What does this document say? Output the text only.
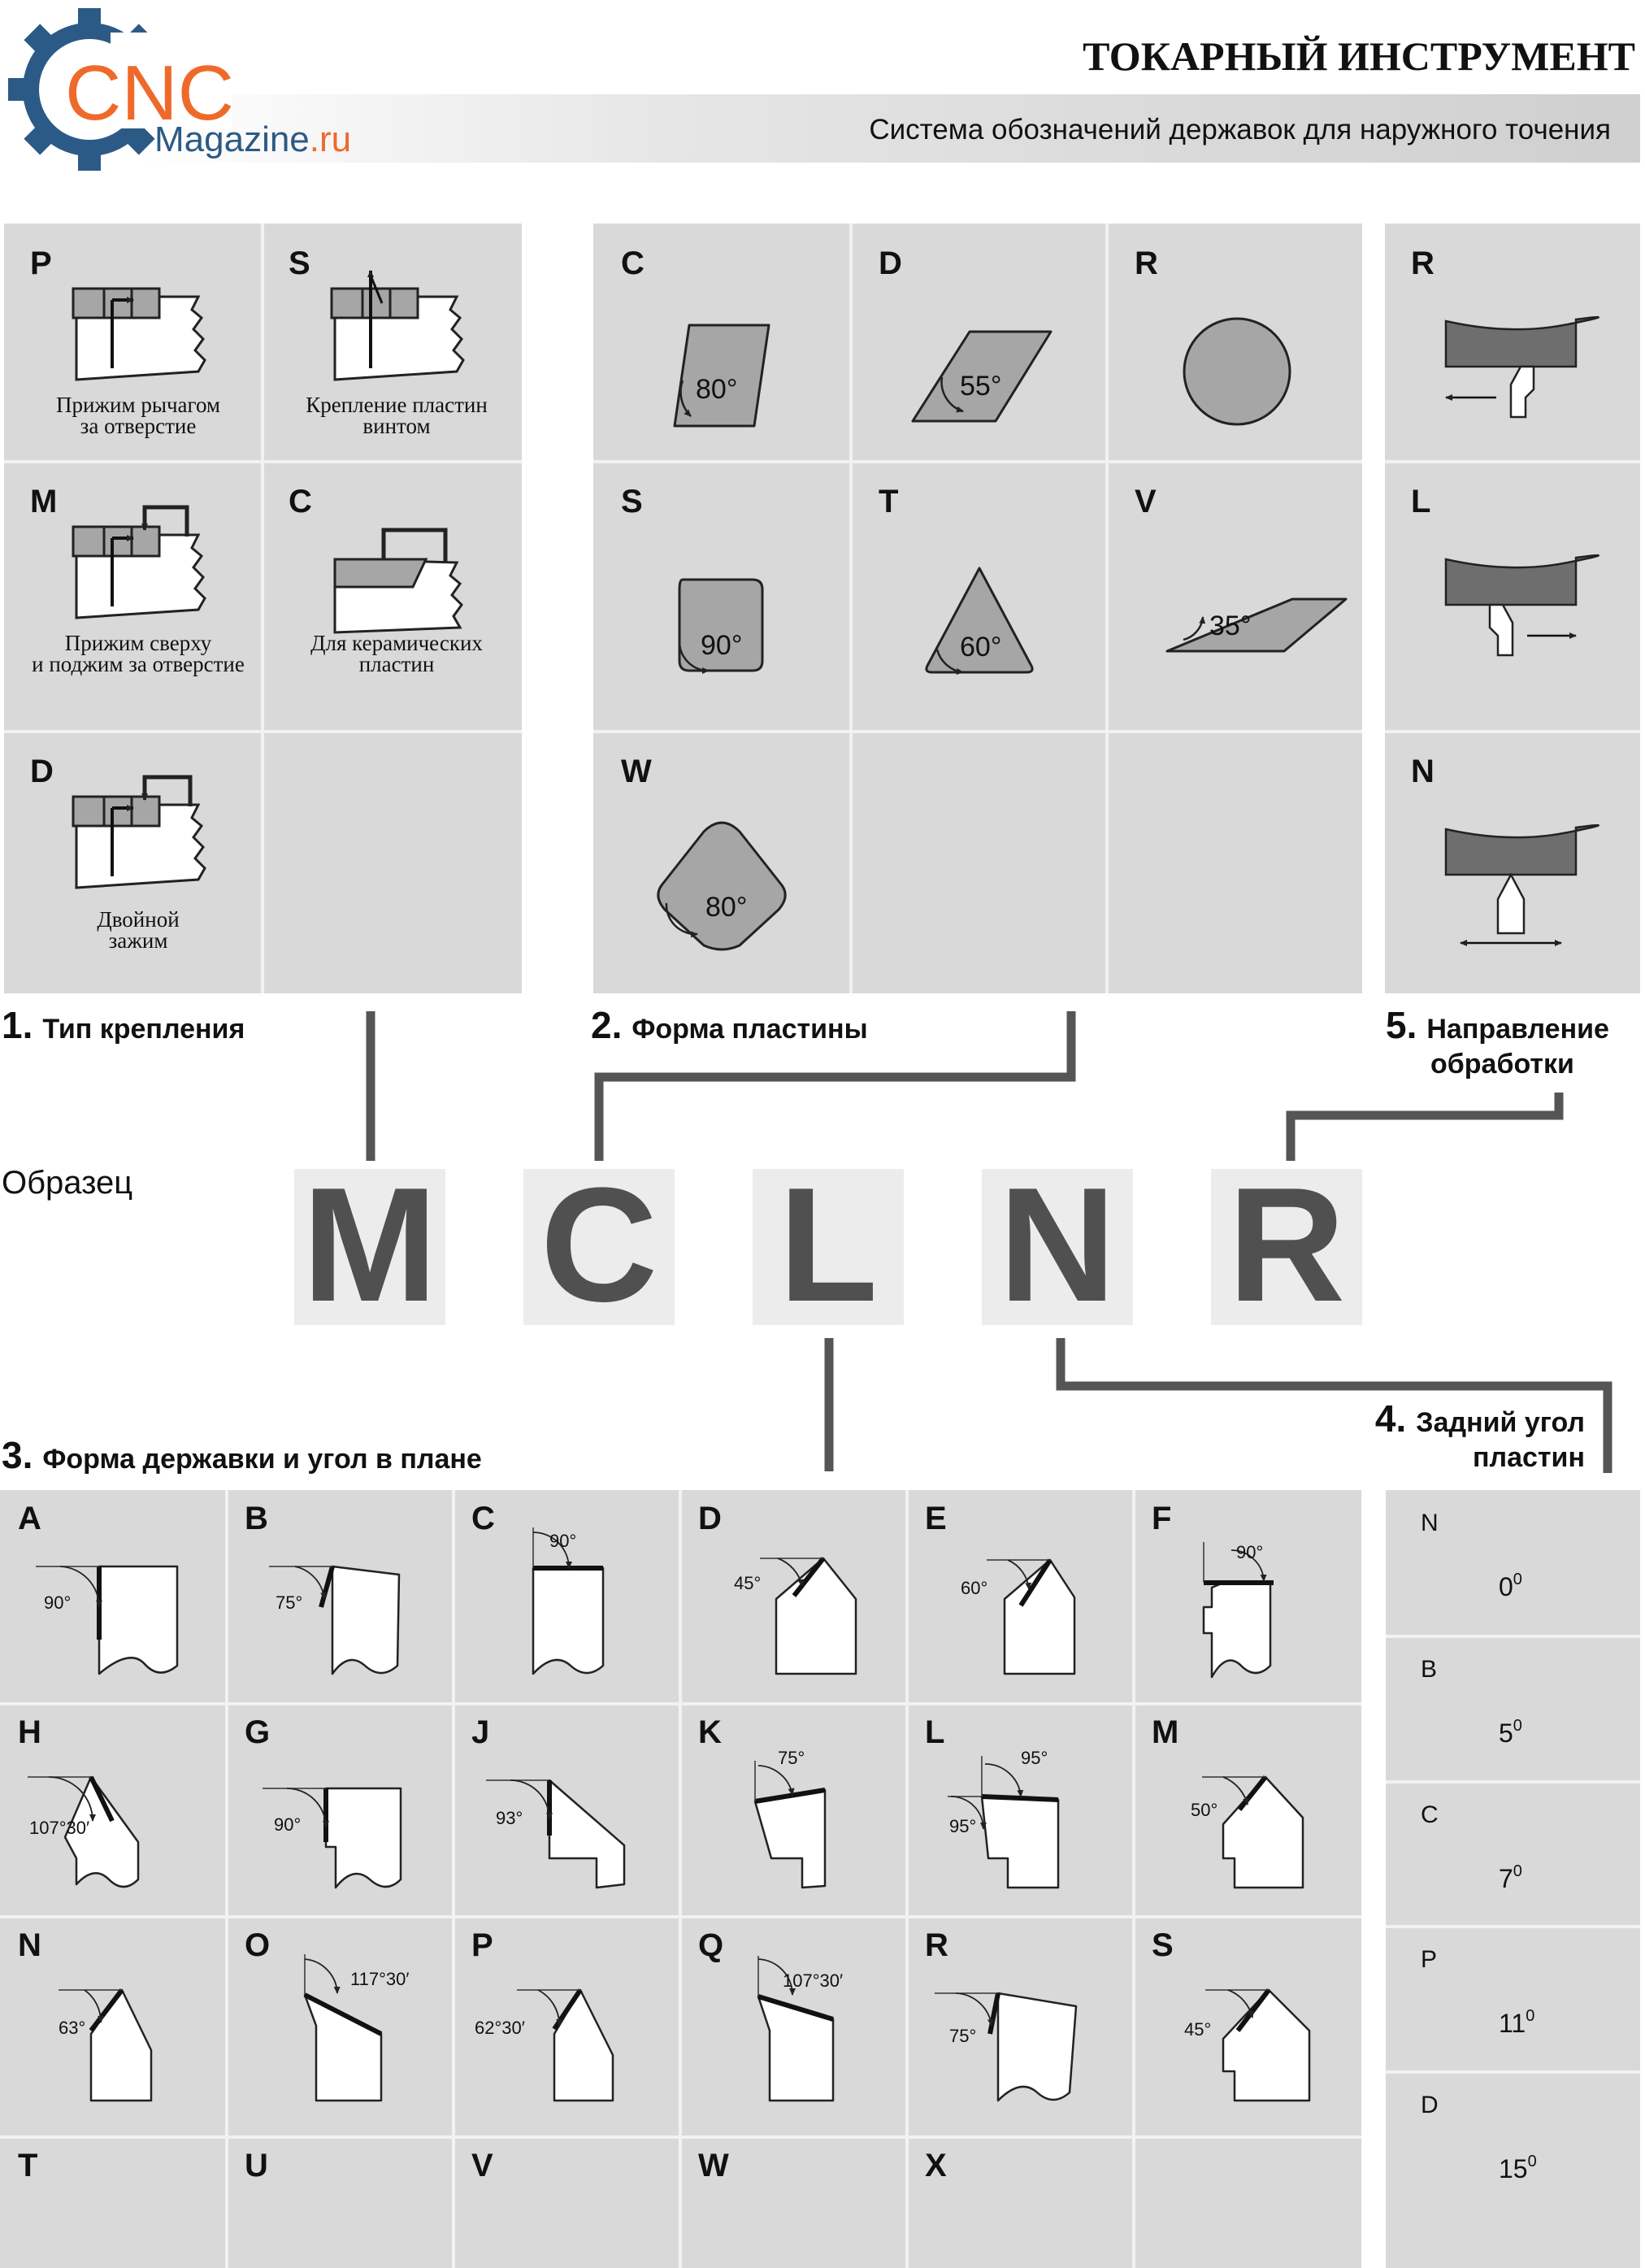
ТОКАРНЫЙ ИНСТРУМЕНТ
Система обозначений державок для наружного точения
CNC
Magazine.ru
P
Прижим рычагом
за отверстие
S
Крепление пластин
винтом
M
Прижим сверху
и поджим за отверстие
C
Для керамических
пластин
D
Двойной
зажим
C
80°
D
55°
R
S
90°
T
60°
V
35°
W
80°
R
L
N
1. Тип крепления	2. Форма пластины	5. Направление
обработки
3. Форма державки и угол в плане
4. Задний угол
пластин
Образец M C L N R
A
90°
B
75°
C
90°
D
45°
E
60°
F
90°
H
107°30′
G
90°
J
93°
K
75°
L
95°
95°
M
50°
N
63°
O
117°30′
P
62°30′
Q
107°30′
R
75°
S
45°
T	U	V	W	X
N
$0^0$
B
$5^0$
C
$7^0$
P
$11^0$
D
$15^0$
